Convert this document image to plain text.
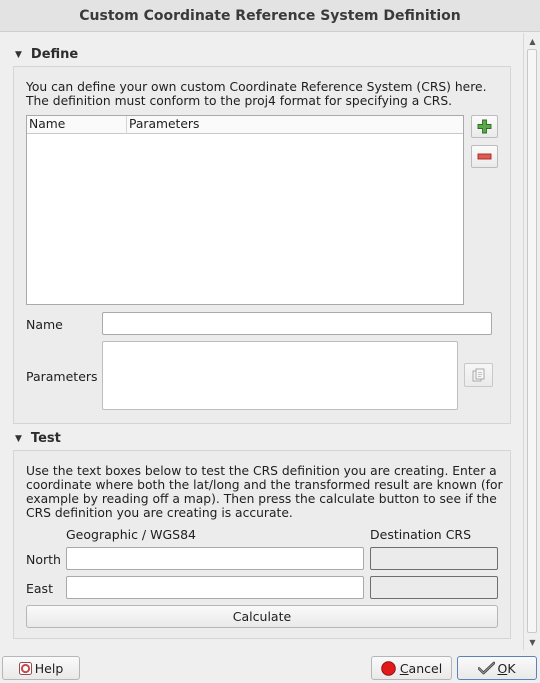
Custom Coordinate Reference System Definition
▼ Define
You can define your own custom Coordinate Reference System (CRS) here.
The definition must conform to the proj4 format for specifying a CRS.
Name	Parameters
Name
Parameters
▼ Test
Use the text boxes below to test the CRS definition you are creating. Enter a
coordinate where both the lat/long and the transformed result are known (for
example by reading off a map). Then press the calculate button to see if the
CRS definition you are creating is accurate.
Geographic / WGS84	Destination CRS
North
East
Calculate
▲
▼
Help	Cancel	OK
